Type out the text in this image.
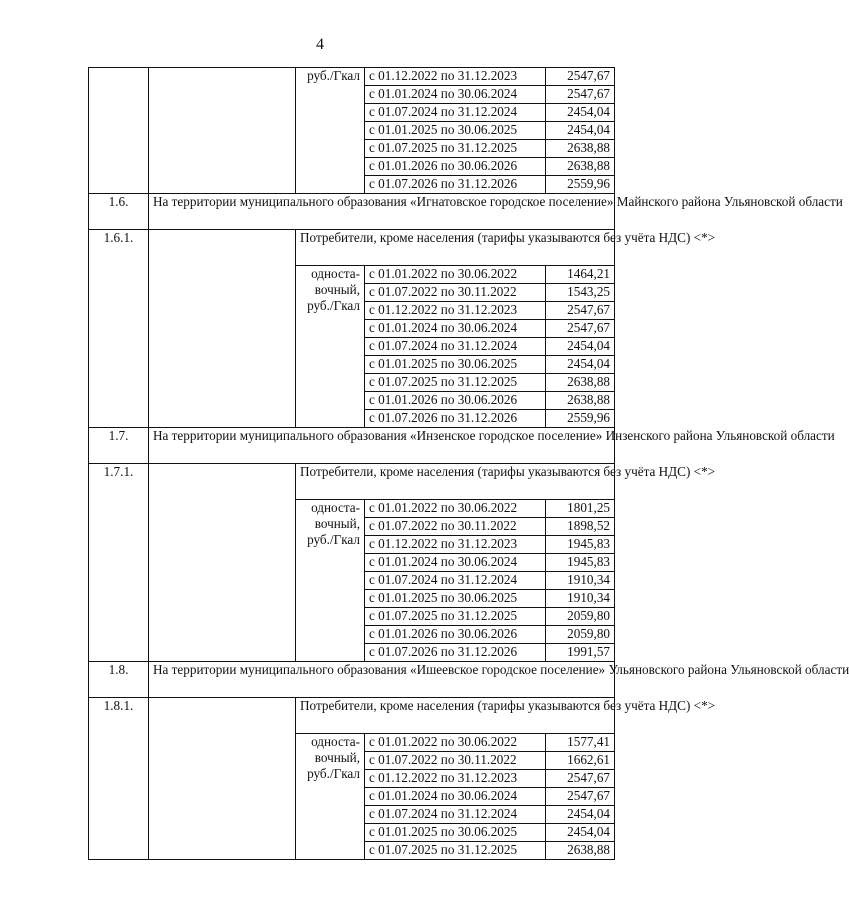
4
		руб./Гкал	с 01.12.2022 по 31.12.2023	2547,67
			с 01.01.2024 по 30.06.2024	2547,67
			с 01.07.2024 по 31.12.2024	2454,04
			с 01.01.2025 по 30.06.2025	2454,04
			с 01.07.2025 по 31.12.2025	2638,88
			с 01.01.2026 по 30.06.2026	2638,88
			с 01.07.2026 по 31.12.2026	2559,96
1.6.	На территории муниципального образования «Игнатовское городское поселение» Майнского района Ульяновской области			
1.6.1.		Потребители, кроме населения (тарифы указываются без учёта НДС) <*>		

		односта-
вочный,
руб./Гкал	с 01.01.2022 по 30.06.2022	1464,21
			с 01.07.2022 по 30.11.2022	1543,25
			с 01.12.2022 по 31.12.2023	2547,67
			с 01.01.2024 по 30.06.2024	2547,67
			с 01.07.2024 по 31.12.2024	2454,04
			с 01.01.2025 по 30.06.2025	2454,04
			с 01.07.2025 по 31.12.2025	2638,88
			с 01.01.2026 по 30.06.2026	2638,88
			с 01.07.2026 по 31.12.2026	2559,96
1.7.	На территории муниципального образования «Инзенское городское поселение» Инзенского района Ульяновской области			
1.7.1.		Потребители, кроме населения (тарифы указываются без учёта НДС) <*>		

		односта-
вочный,
руб./Гкал	с 01.01.2022 по 30.06.2022	1801,25
			с 01.07.2022 по 30.11.2022	1898,52
			с 01.12.2022 по 31.12.2023	1945,83
			с 01.01.2024 по 30.06.2024	1945,83
			с 01.07.2024 по 31.12.2024	1910,34
			с 01.01.2025 по 30.06.2025	1910,34
			с 01.07.2025 по 31.12.2025	2059,80
			с 01.01.2026 по 30.06.2026	2059,80
			с 01.07.2026 по 31.12.2026	1991,57
1.8.	На территории муниципального образования «Ишеевское городское поселение» Ульяновского района Ульяновской области			
1.8.1.		Потребители, кроме населения (тарифы указываются без учёта НДС) <*>		

		односта-
вочный,
руб./Гкал	с 01.01.2022 по 30.06.2022	1577,41
			с 01.07.2022 по 30.11.2022	1662,61
			с 01.12.2022 по 31.12.2023	2547,67
			с 01.01.2024 по 30.06.2024	2547,67
			с 01.07.2024 по 31.12.2024	2454,04
			с 01.01.2025 по 30.06.2025	2454,04
			с 01.07.2025 по 31.12.2025	2638,88
